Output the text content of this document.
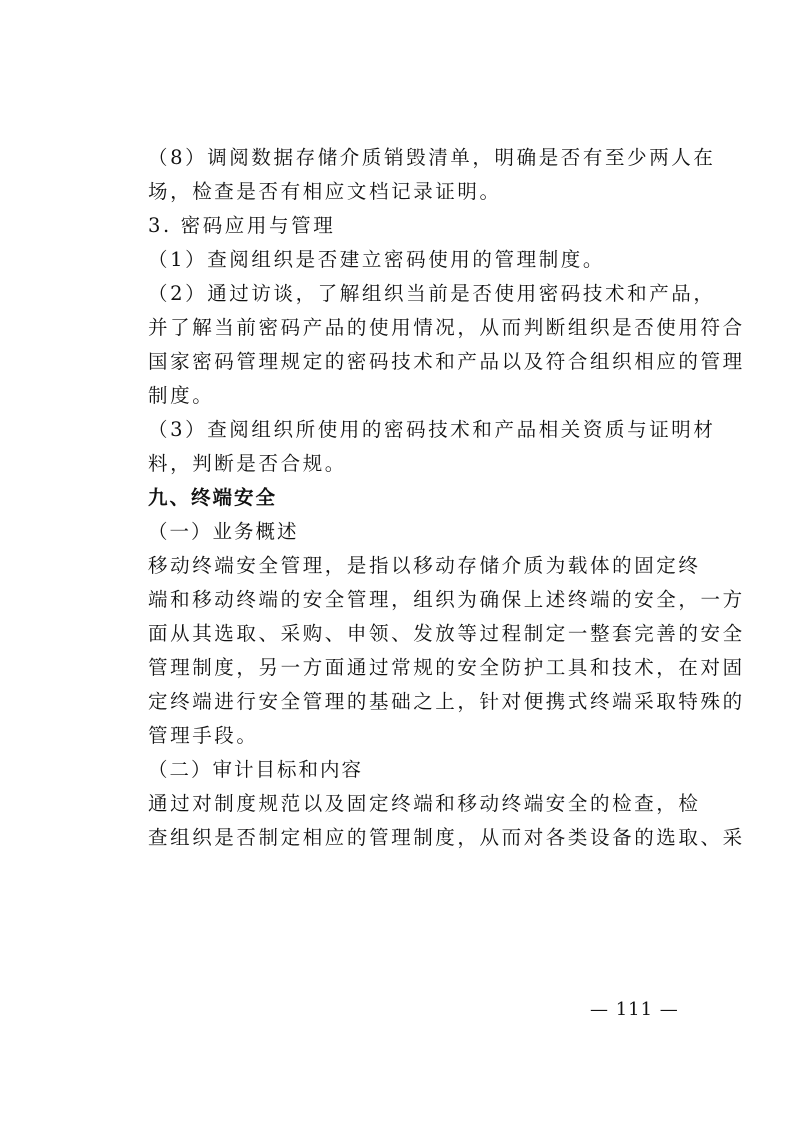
（8）调阅数据存储介质销毁清单，明确是否有至少两人在
场，检查是否有相应文档记录证明。

3. 密码应用与管理

（1）查阅组织是否建立密码使用的管理制度。

（2）通过访谈，了解组织当前是否使用密码技术和产品，
并了解当前密码产品的使用情况，从而判断组织是否使用符合
国家密码管理规定的密码技术和产品以及符合组织相应的管理
制度。

（3）查阅组织所使用的密码技术和产品相关资质与证明材
料，判断是否合规。

九、终端安全

（一）业务概述

移动终端安全管理，是指以移动存储介质为载体的固定终
端和移动终端的安全管理，组织为确保上述终端的安全，一方
面从其选取、采购、申领、发放等过程制定一整套完善的安全
管理制度，另一方面通过常规的安全防护工具和技术，在对固
定终端进行安全管理的基础之上，针对便携式终端采取特殊的
管理手段。

（二）审计目标和内容

通过对制度规范以及固定终端和移动终端安全的检查，检
查组织是否制定相应的管理制度，从而对各类设备的选取、采

— 111 —
